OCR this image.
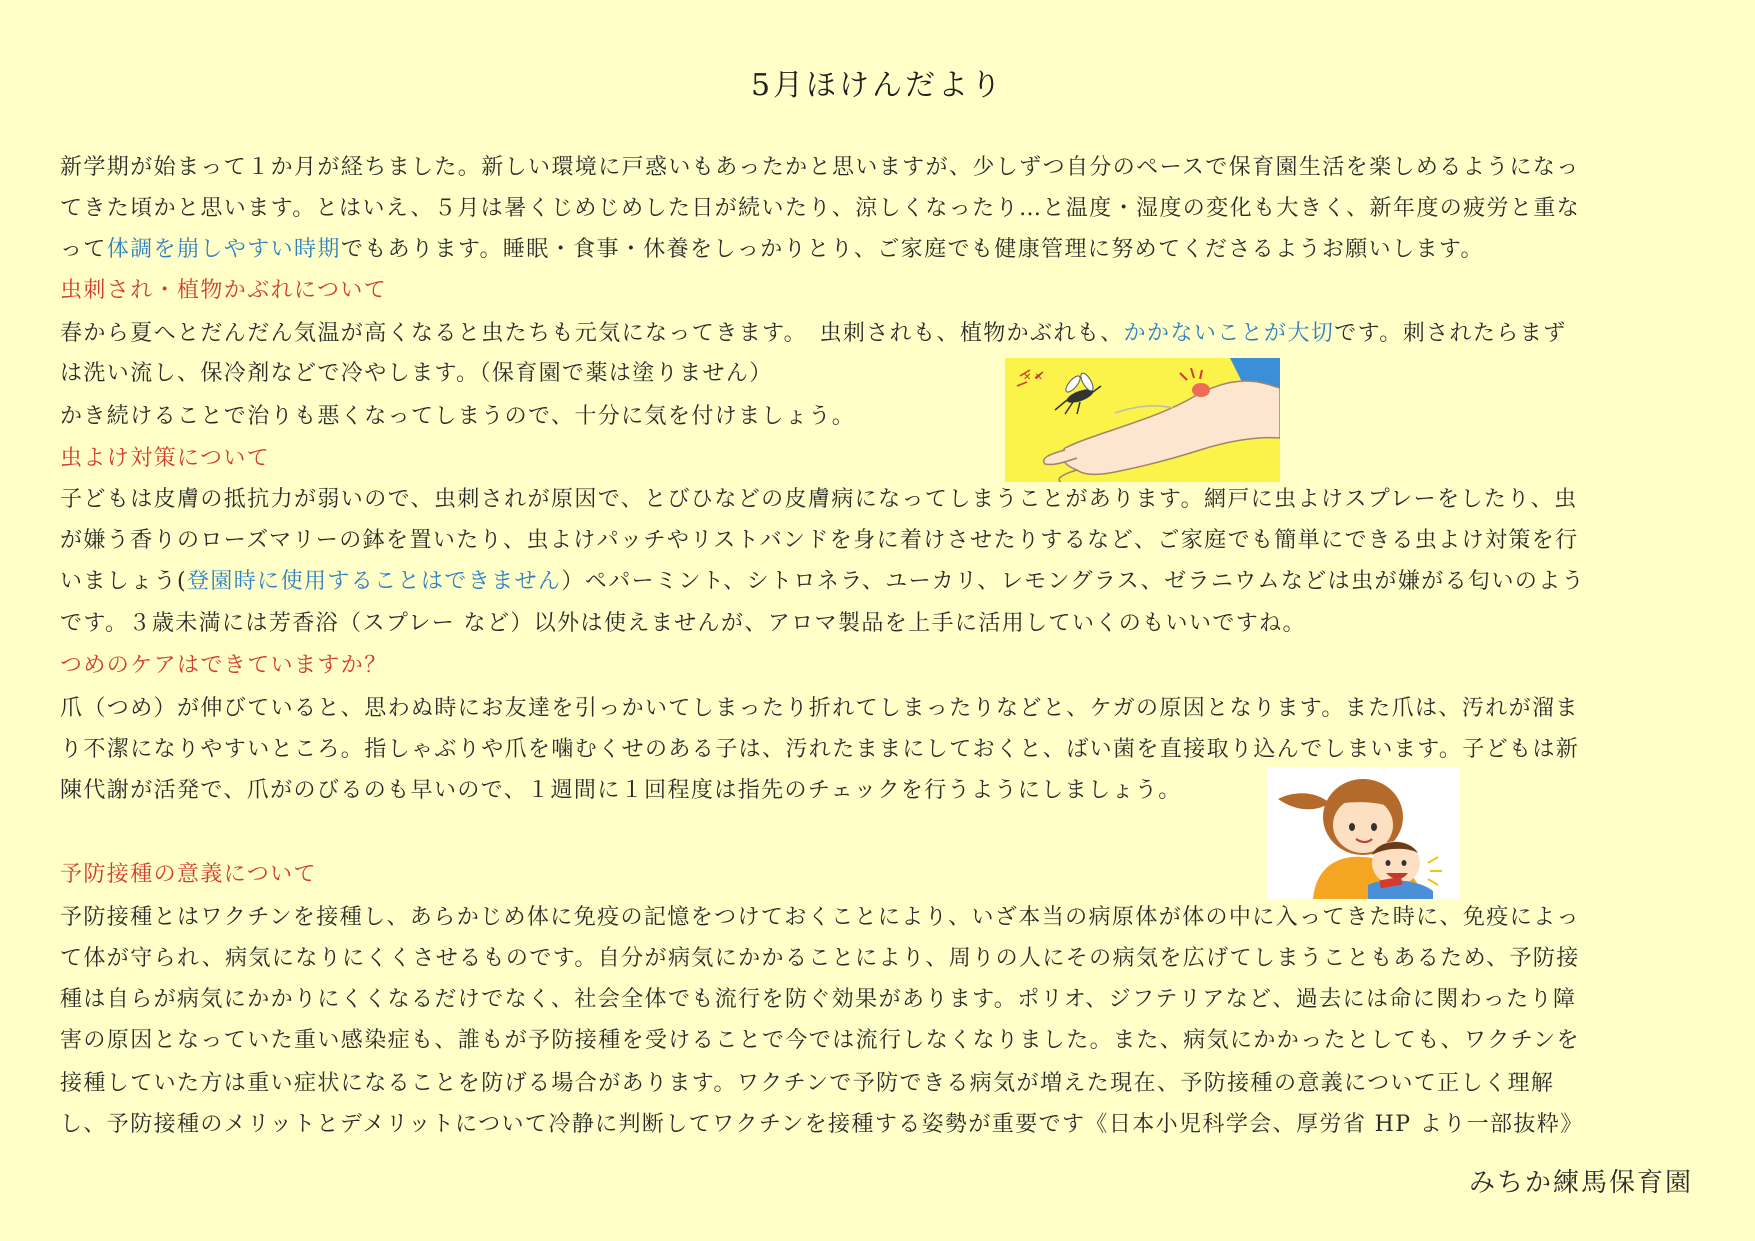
5月ほけんだより
新学期が始まって１か月が経ちました。新しい環境に戸惑いもあったかと思いますが、少しずつ自分のペースで保育園生活を楽しめるようになっ
てきた頃かと思います。とはいえ、５月は暑くじめじめした日が続いたり、涼しくなったり…と温度・湿度の変化も大きく、新年度の疲労と重な
って体調を崩しやすい時期でもあります。睡眠・食事・休養をしっかりとり、ご家庭でも健康管理に努めてくださるようお願いします。
虫刺され・植物かぶれについて
春から夏へとだんだん気温が高くなると虫たちも元気になってきます。　虫刺されも、植物かぶれも、かかないことが大切です。刺されたらまず
は洗い流し、保冷剤などで冷やします。（保育園で薬は塗りません）
かき続けることで治りも悪くなってしまうので、十分に気を付けましょう。
✕ ✕
虫よけ対策について
子どもは皮膚の抵抗力が弱いので、虫刺されが原因で、とびひなどの皮膚病になってしまうことがあります。網戸に虫よけスプレーをしたり、虫
が嫌う香りのローズマリーの鉢を置いたり、虫よけパッチやリストバンドを身に着けさせたりするなど、ご家庭でも簡単にできる虫よけ対策を行
いましょう(登園時に使用することはできません）ペパーミント、シトロネラ、ユーカリ、レモングラス、ゼラニウムなどは虫が嫌がる匂いのよう
です。３歳未満には芳香浴（スプレー など）以外は使えませんが、アロマ製品を上手に活用していくのもいいですね。
つめのケアはできていますか？
爪（つめ）が伸びていると、思わぬ時にお友達を引っかいてしまったり折れてしまったりなどと、ケガの原因となります。また爪は、汚れが溜ま
り不潔になりやすいところ。指しゃぶりや爪を噛むくせのある子は、汚れたままにしておくと、ばい菌を直接取り込んでしまいます。子どもは新
陳代謝が活発で、爪がのびるのも早いので、１週間に１回程度は指先のチェックを行うようにしましょう。
予防接種の意義について
予防接種とはワクチンを接種し、あらかじめ体に免疫の記憶をつけておくことにより、いざ本当の病原体が体の中に入ってきた時に、免疫によっ
て体が守られ、病気になりにくくさせるものです。自分が病気にかかることにより、周りの人にその病気を広げてしまうこともあるため、予防接
種は自らが病気にかかりにくくなるだけでなく、社会全体でも流行を防ぐ効果があります。ポリオ、ジフテリアなど、過去には命に関わったり障
害の原因となっていた重い感染症も、誰もが予防接種を受けることで今では流行しなくなりました。また、病気にかかったとしても、ワクチンを
接種していた方は重い症状になることを防げる場合があります。ワクチンで予防できる病気が増えた現在、予防接種の意義について正しく理解
し、予防接種のメリットとデメリットについて冷静に判断してワクチンを接種する姿勢が重要です《日本小児科学会、厚労省 HP より一部抜粋》
みちか練馬保育園
